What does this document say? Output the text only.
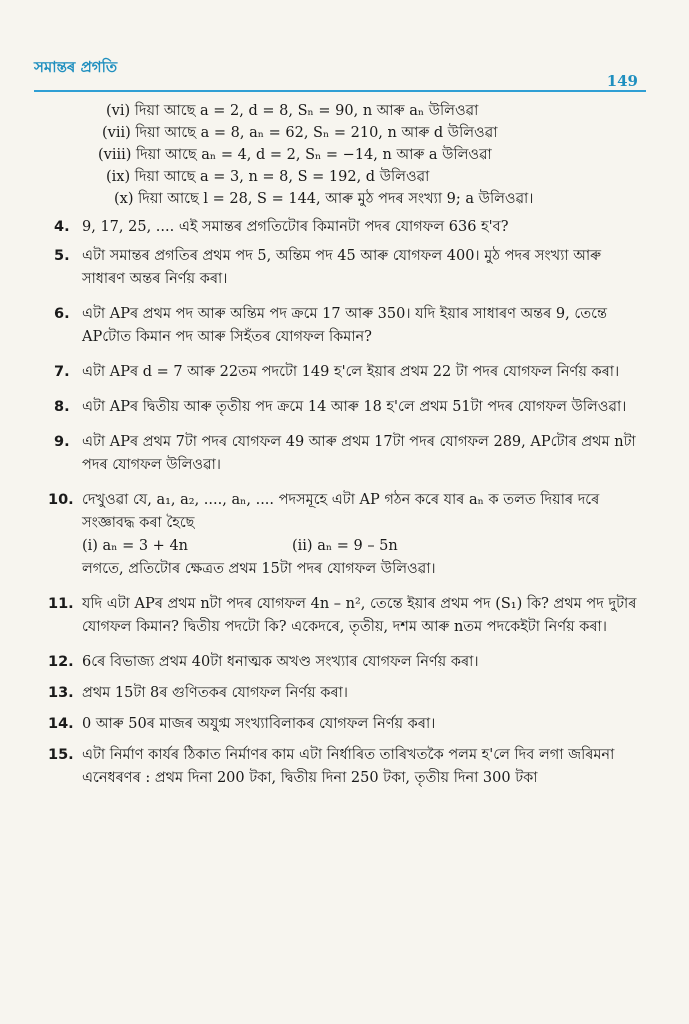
সমান্তৰ প্ৰগতি
149
(vi) দিয়া আছে a = 2, d = 8, Sₙ = 90, n আৰু aₙ উলিওৱা
(vii) দিয়া আছে a = 8, aₙ = 62, Sₙ = 210, n আৰু d উলিওৱা
(viii) দিয়া আছে aₙ = 4, d = 2, Sₙ = −14, n আৰু a উলিওৱা
(ix) দিয়া আছে a = 3, n = 8, S = 192, d উলিওৱা
(x) দিয়া আছে l = 28, S = 144, আৰু মুঠ পদৰ সংখ্যা 9; a উলিওৱা।
4. 9, 17, 25, .... এই সমান্তৰ প্ৰগতিটোৰ কিমানটা পদৰ যোগফল 636 হ'ব?
5. এটা সমান্তৰ প্ৰগতিৰ প্ৰথম পদ 5, অন্তিম পদ 45 আৰু যোগফল 400। মুঠ পদৰ সংখ্যা আৰু সাধাৰণ অন্তৰ নিৰ্ণয় কৰা।
6. এটা APৰ প্ৰথম পদ আৰু অন্তিম পদ ক্ৰমে 17 আৰু 350। যদি ইয়াৰ সাধাৰণ অন্তৰ 9, তেন্তে APটোত কিমান পদ আৰু সিহঁতৰ যোগফল কিমান?
7. এটা APৰ d = 7 আৰু 22তম পদটো 149 হ'লে ইয়াৰ প্ৰথম 22 টা পদৰ যোগফল নিৰ্ণয় কৰা।
8. এটা APৰ দ্বিতীয় আৰু তৃতীয় পদ ক্ৰমে 14 আৰু 18 হ'লে প্ৰথম 51টা পদৰ যোগফল উলিওৱা।
9. এটা APৰ প্ৰথম 7টা পদৰ যোগফল 49 আৰু প্ৰথম 17টা পদৰ যোগফল 289, APটোৰ প্ৰথম nটা পদৰ যোগফল উলিওৱা।
10. দেখুওৱা যে, a₁, a₂, ...., aₙ, .... পদসমূহে এটা AP গঠন কৰে যাৰ aₙ ক তলত দিয়াৰ দৰে সংজ্ঞাবদ্ধ কৰা হৈছে
(i) aₙ = 3 + 4n	(ii) aₙ = 9 – 5n
লগতে, প্ৰতিটোৰ ক্ষেত্ৰত প্ৰথম 15টা পদৰ যোগফল উলিওৱা।
11. যদি এটা APৰ প্ৰথম nটা পদৰ যোগফল 4n – n², তেন্তে ইয়াৰ প্ৰথম পদ (S₁) কি? প্ৰথম পদ দুটাৰ যোগফল কিমান? দ্বিতীয় পদটো কি? একেদৰে, তৃতীয়, দশম আৰু nতম পদকেইটা নিৰ্ণয় কৰা।
12. 6ৰে বিভাজ্য প্ৰথম 40টা ধনাত্মক অখণ্ড সংখ্যাৰ যোগফল নিৰ্ণয় কৰা।
13. প্ৰথম 15টা 8ৰ গুণিতকৰ যোগফল নিৰ্ণয় কৰা।
14. 0 আৰু 50ৰ মাজৰ অযুগ্ম সংখ্যাবিলাকৰ যোগফল নিৰ্ণয় কৰা।
15. এটা নিৰ্মাণ কাৰ্যৰ ঠিকাত নিৰ্মাণৰ কাম এটা নিৰ্ধাৰিত তাৰিখতকৈ পলম হ'লে দিব লগা জৰিমনা এনেধৰণৰ : প্ৰথম দিনা 200 টকা, দ্বিতীয় দিনা 250 টকা, তৃতীয় দিনা 300 টকা
